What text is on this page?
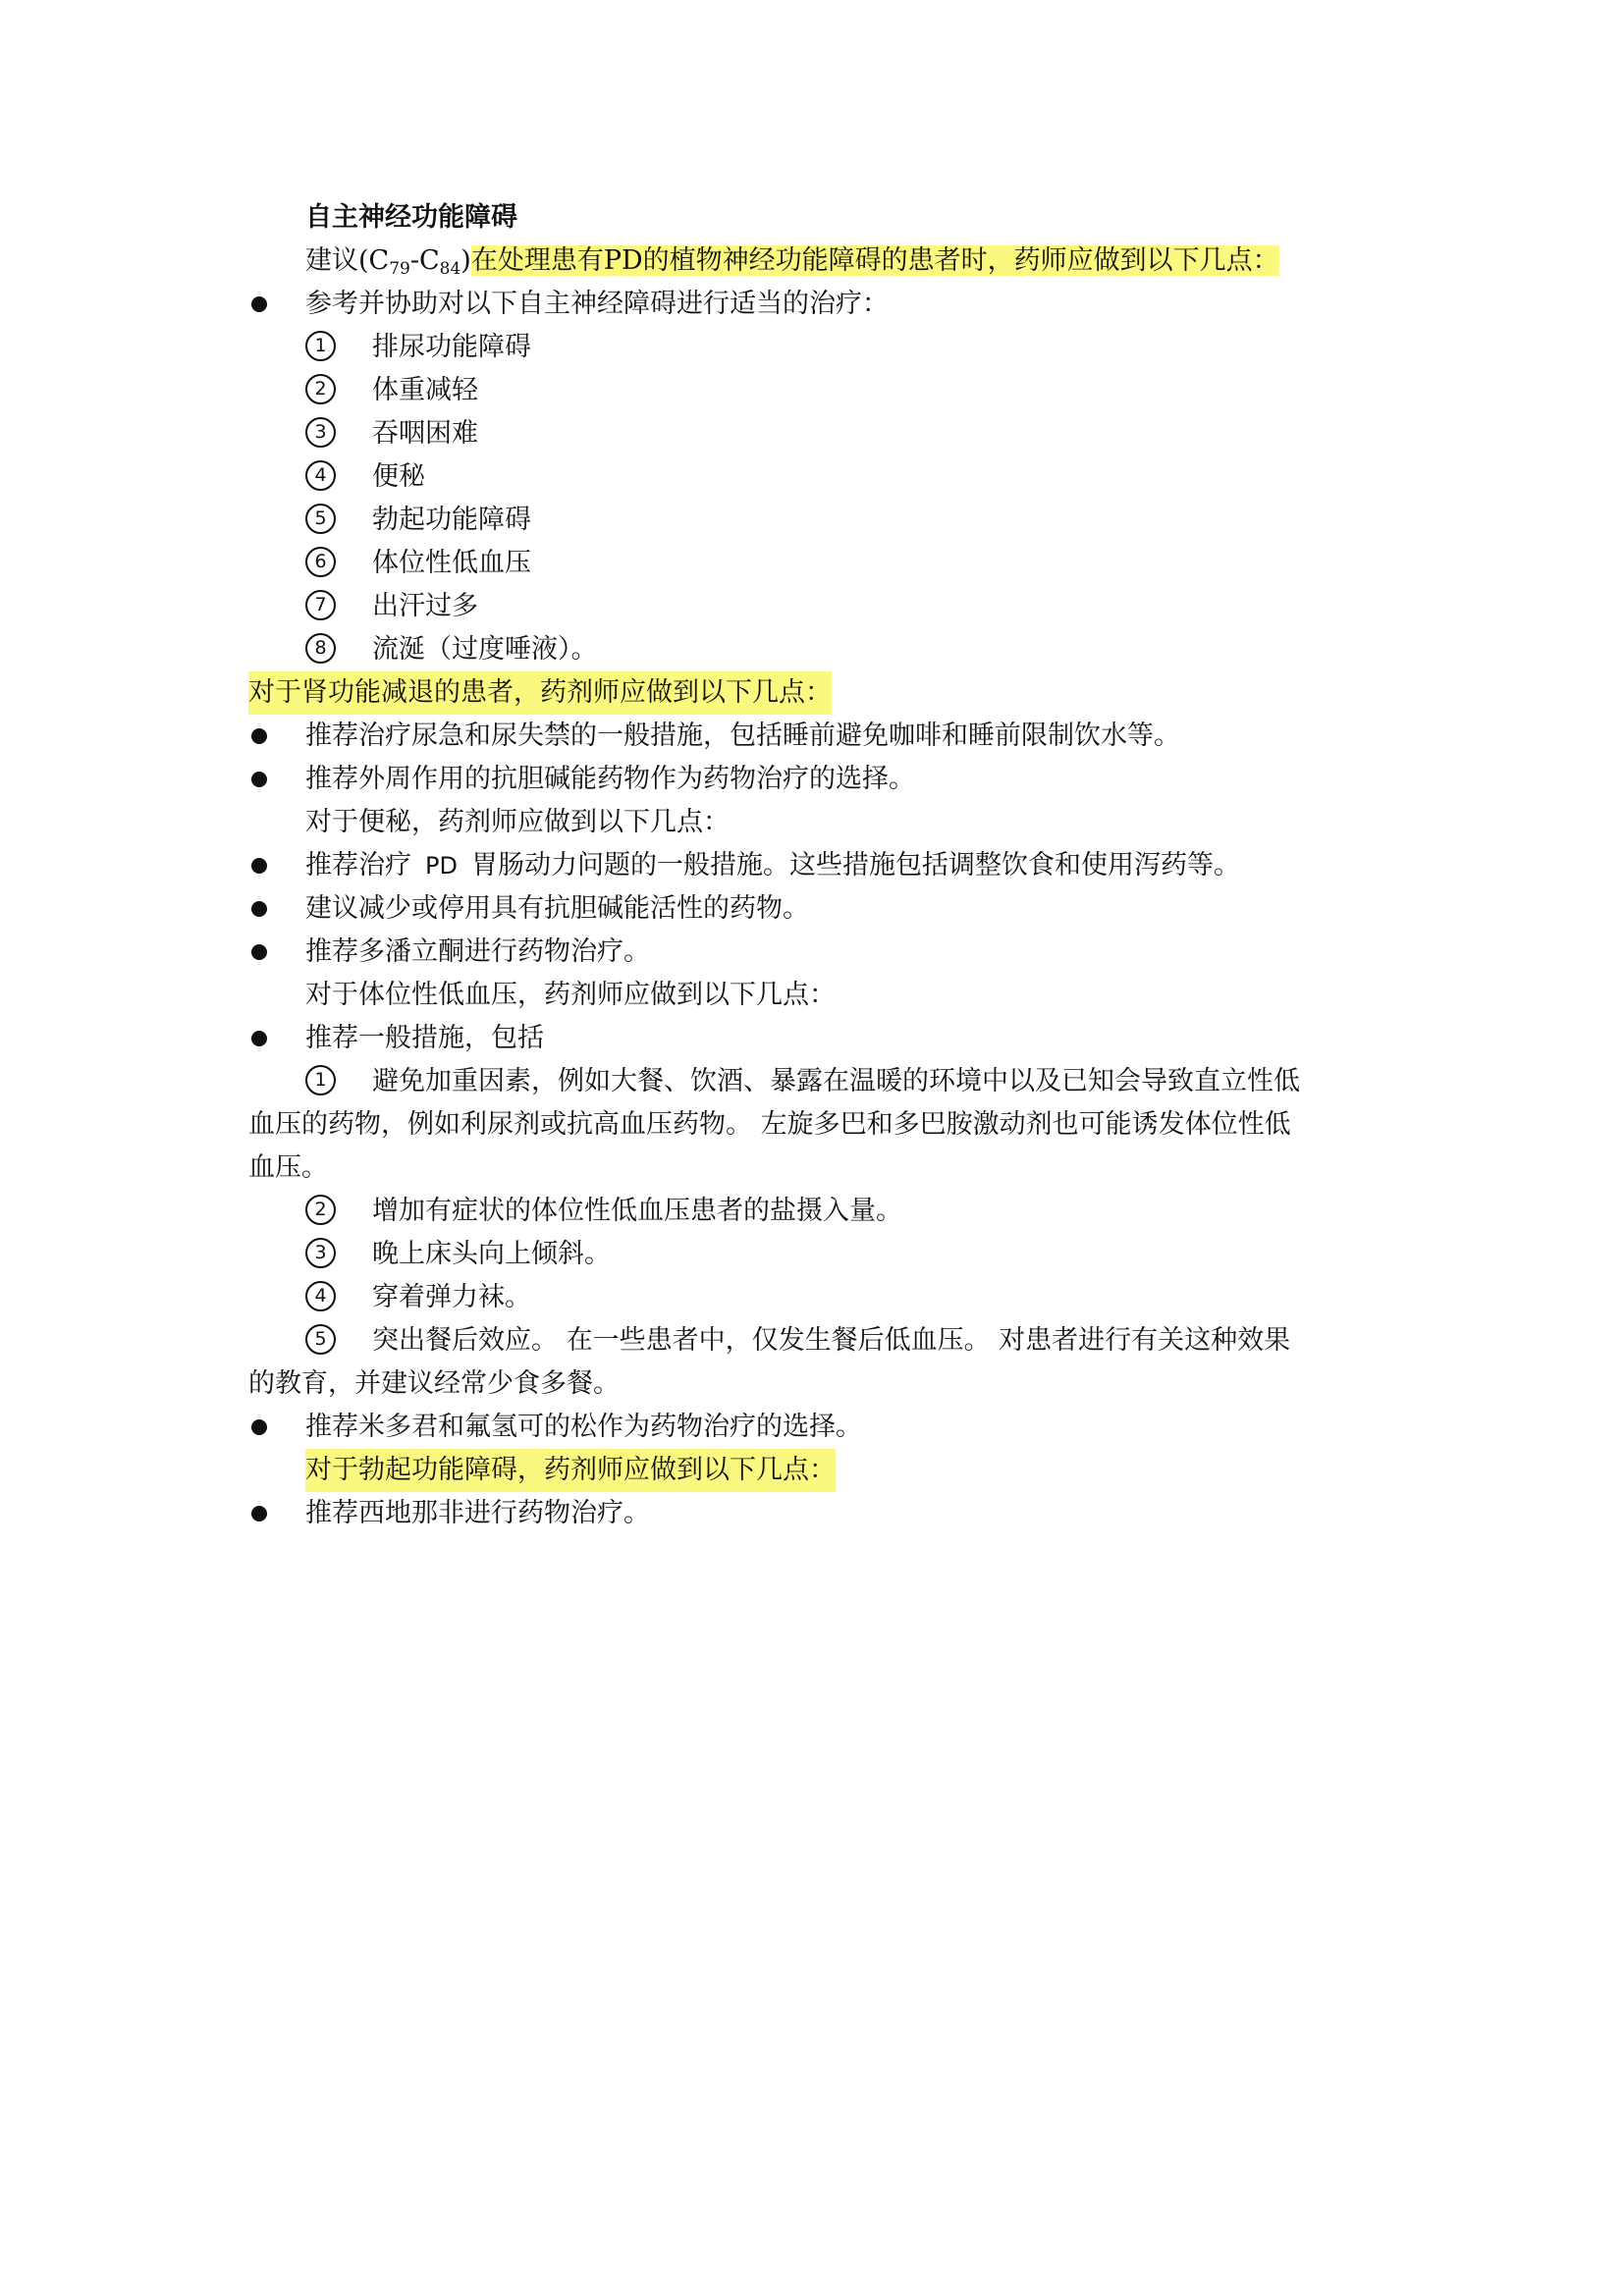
自主神经功能障碍
建议$(C_{79}-C_{84})$在处理患有PD的植物神经功能障碍的患者时，药师应做到以下几点：
参考并协助对以下自主神经障碍进行适当的治疗：
1	排尿功能障碍
2	体重减轻
3	吞咽困难
4	便秘
5	勃起功能障碍
6	体位性低血压
7	出汗过多
8	流涎（过度唾液）。
对于肾功能减退的患者，药剂师应做到以下几点：
推荐治疗尿急和尿失禁的一般措施，包括睡前避免咖啡和睡前限制饮水等。
推荐外周作用的抗胆碱能药物作为药物治疗的选择。
对于便秘，药剂师应做到以下几点：
推荐治疗 PD 胃肠动力问题的一般措施。这些措施包括调整饮食和使用泻药等。
建议减少或停用具有抗胆碱能活性的药物。
推荐多潘立酮进行药物治疗。
对于体位性低血压，药剂师应做到以下几点：
推荐一般措施，包括
1	避免加重因素，例如大餐、饮酒、暴露在温暖的环境中以及已知会导致直立性低
血压的药物，例如利尿剂或抗高血压药物。 左旋多巴和多巴胺激动剂也可能诱发体位性低
血压。
2	增加有症状的体位性低血压患者的盐摄入量。
3	晚上床头向上倾斜。
4	穿着弹力袜。
5	突出餐后效应。 在一些患者中，仅发生餐后低血压。 对患者进行有关这种效果
的教育，并建议经常少食多餐。
推荐米多君和氟氢可的松作为药物治疗的选择。
对于勃起功能障碍，药剂师应做到以下几点：
推荐西地那非进行药物治疗。
